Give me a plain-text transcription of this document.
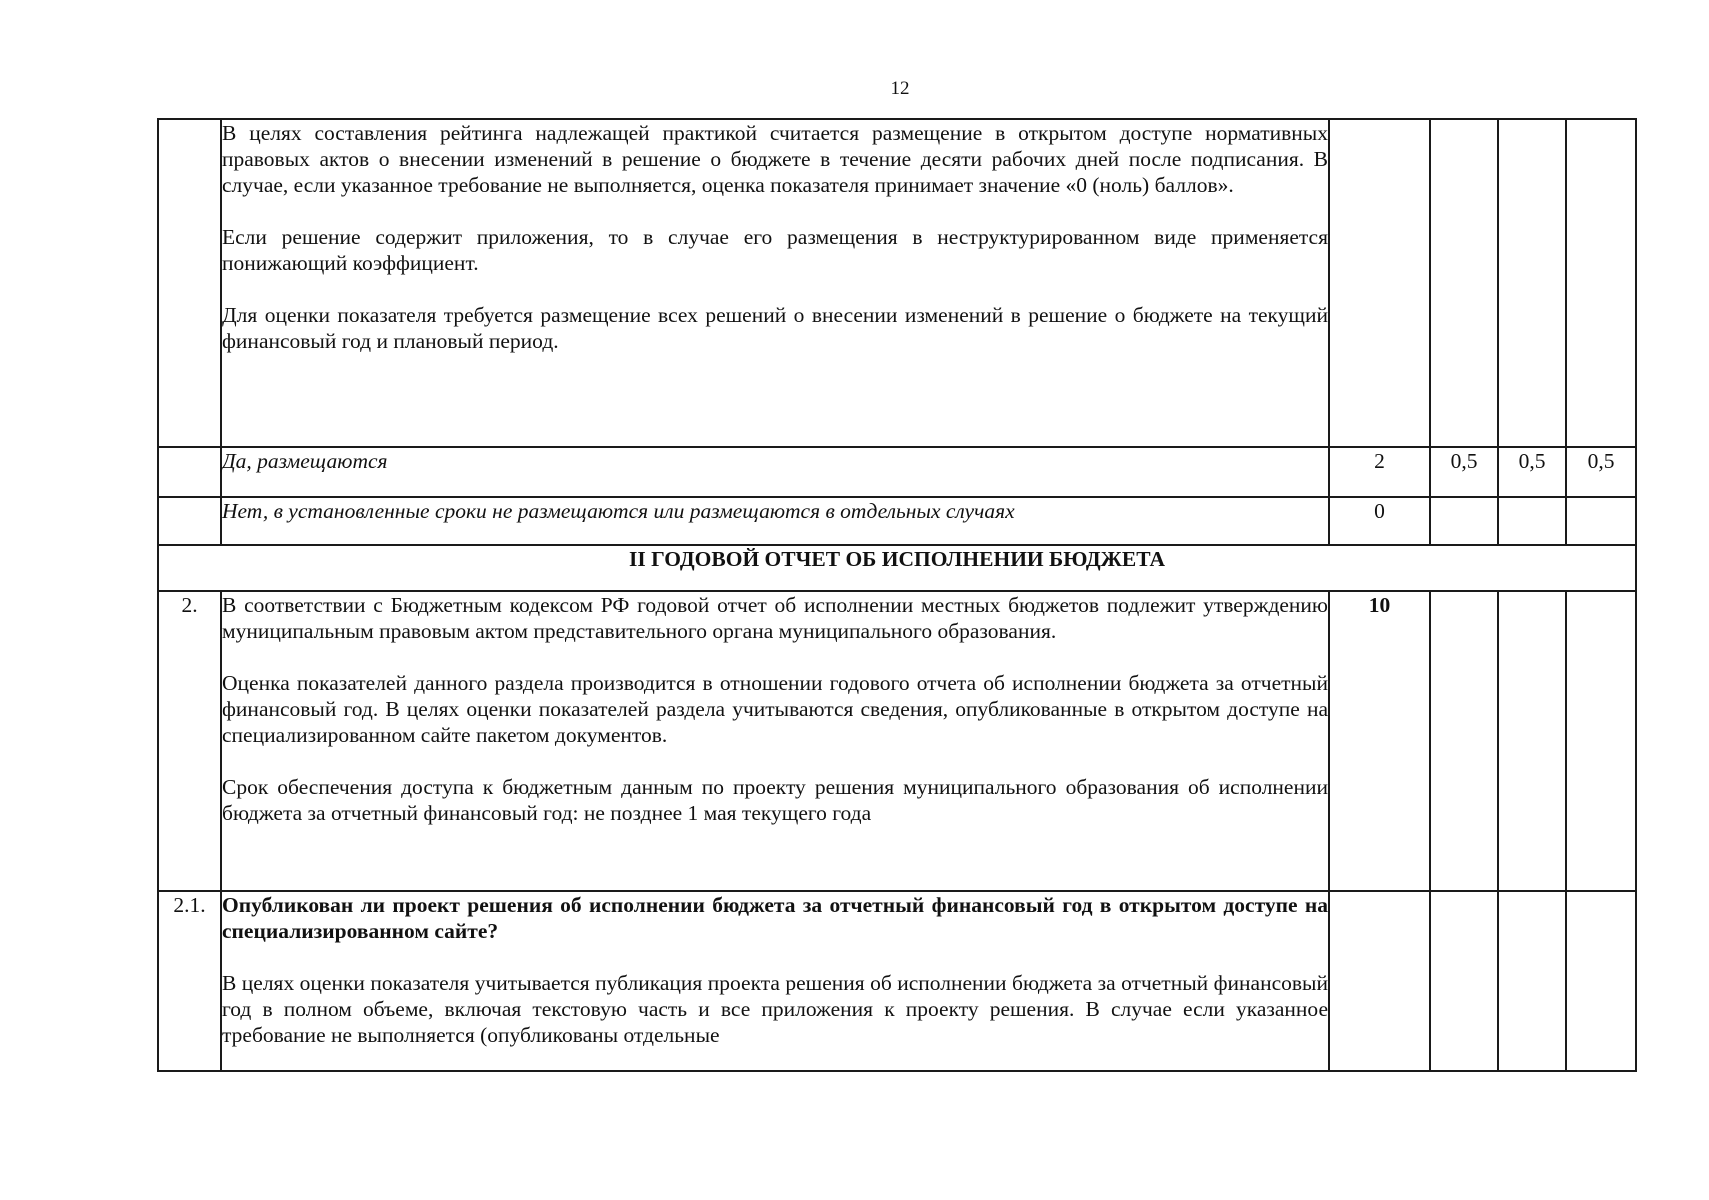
12

	В целях составления рейтинга надлежащей практикой считается размещение в открытом доступе нормативных правовых актов о внесении изменений в решение о бюджете в течение десяти рабочих дней после подписания. В случае, если указанное требование не выполняется, оценка показателя принимает значение «0 (ноль) баллов».

Если решение содержит приложения, то в случае его размещения в неструктурированном виде применяется понижающий коэффициент.

Для оценки показателя требуется размещение всех решений о внесении изменений в решение о бюджете на текущий финансовый год и плановый период.				

	Да, размещаются	2	0,5	0,5	0,5
	Нет, в установленные сроки не размещаются или размещаются в отдельных случаях	0			
II ГОДОВОЙ ОТЧЕТ ОБ ИСПОЛНЕНИИ БЮДЖЕТА					
2.	В соответствии с Бюджетным кодексом РФ годовой отчет об исполнении местных бюджетов подлежит утверждению муниципальным правовым актом представительного органа муниципального образования.

Оценка показателей данного раздела производится в отношении годового отчета об исполнении бюджета за отчетный финансовый год. В целях оценки показателей раздела учитываются сведения, опубликованные в открытом доступе на специализированном сайте пакетом документов.

Срок обеспечения доступа к бюджетным данным по проекту решения муниципального образования об исполнении бюджета за отчетный финансовый год: не позднее 1 мая текущего года	10			
2.1.	Опубликован ли проект решения об исполнении бюджета за отчетный финансовый год в открытом доступе на специализированном сайте?

В целях оценки показателя учитывается публикация проекта решения об исполнении бюджета за отчетный финансовый год в полном объеме, включая текстовую часть и все приложения к проекту решения. В случае если указанное требование не выполняется (опубликованы отдельные				
